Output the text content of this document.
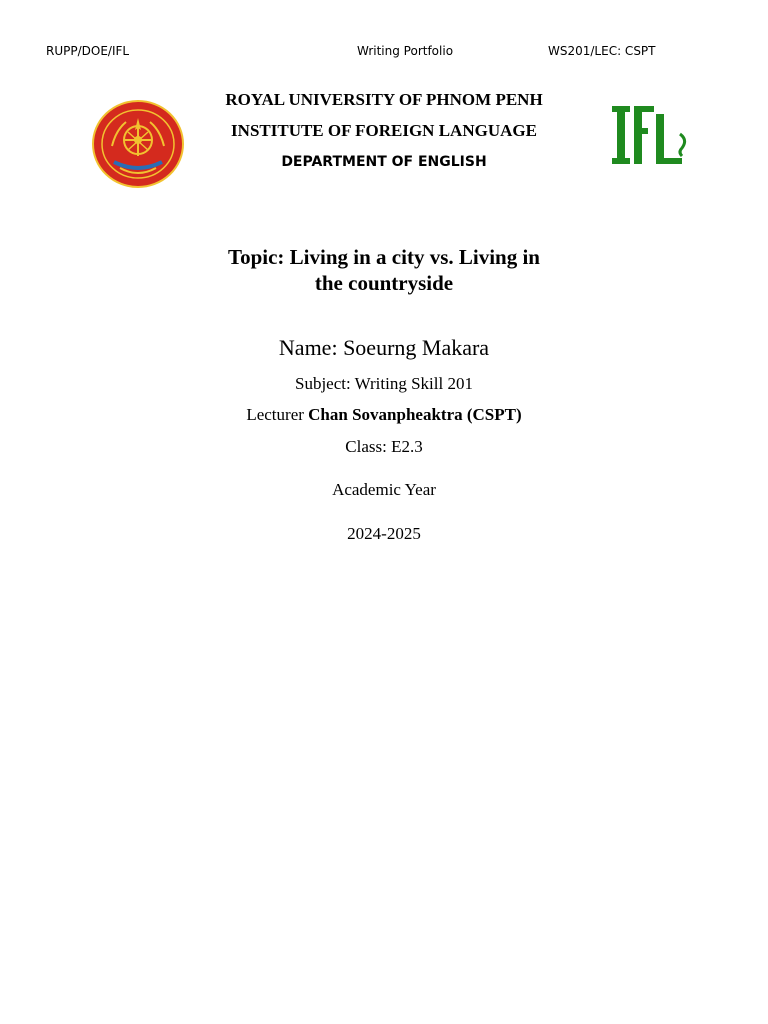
RUPP/DOE/IFL	Writing Portfolio	WS201/LEC: CSPT
ROYAL UNIVERSITY OF PHNOM PENH
INSTITUTE OF FOREIGN LANGUAGE
DEPARTMENT OF ENGLISH
Topic: Living in a city vs. Living in
the countryside
Name: Soeurng Makara
Subject: Writing Skill 201
Lecturer Chan Sovanpheaktra (CSPT)
Class: E2.3
Academic Year
2024-2025
